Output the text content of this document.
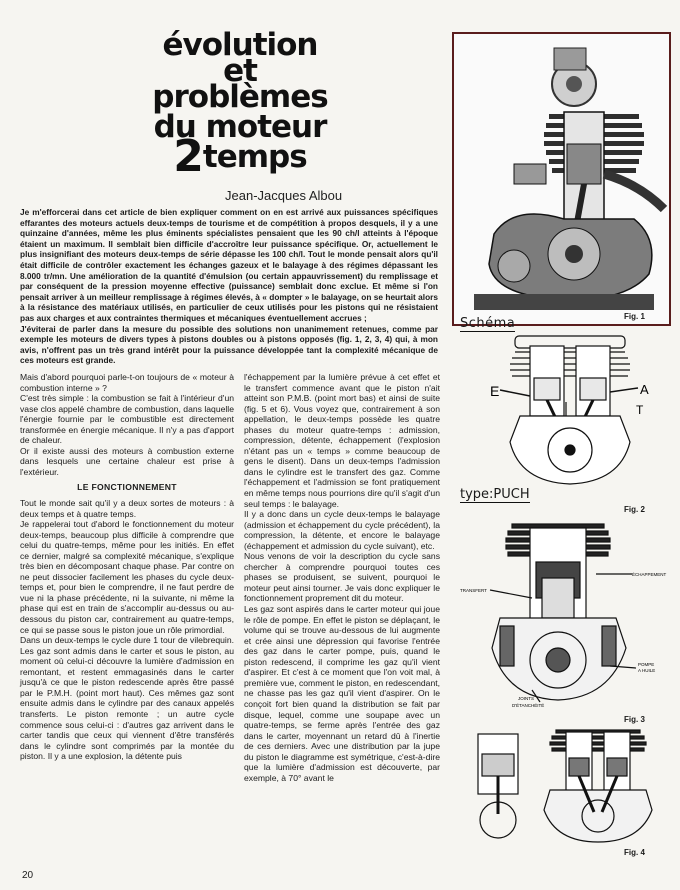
évolution
et
problèmes
du moteur
2temps
Jean-Jacques Albou

Je m'efforcerai dans cet article de bien expliquer comment on en est arrivé aux puissances spécifiques effarantes des moteurs actuels deux-temps de tourisme et de compétition à propos desquels, il y a une quinzaine d'années, même les plus éminents spécialistes pensaient que les 90 ch/l atteints à l'époque étaient un maximum. Il semblait bien difficile d'accroître leur puissance spécifique. Or, actuellement le plus insignifiant des moteurs deux-temps de série dépasse les 100 ch/l. Tout le monde pensait alors qu'il était difficile de contrôler exactement les échanges gazeux et le balayage à des régimes dépassant les 8.000 tr/mn. Une amélioration de la quantité d'émulsion (ou certain appauvrissement) du remplissage et par conséquent de la pression moyenne effective (puissance) semblait donc exclue. Et même si l'on pensait arriver à un meilleur remplissage à régimes élevés, à « dompter » le balayage, on se heurtait alors à la résistance des matériaux utilisés, en particulier de ceux utilisés pour les pistons qui ne résistaient pas aux charges et aux contraintes thermiques et mécaniques éventuellement accrues ;

J'éviterai de parler dans la mesure du possible des solutions non unanimement retenues, comme par exemple les moteurs de divers types à pistons doubles ou à pistons opposés (fig. 1, 2, 3, 4) qui, à mon avis, n'offrent pas un très grand intérêt pour la puissance développée tant la complexité mécanique de ces moteurs est grande.

Mais d'abord pourquoi parle-t-on toujours de « moteur à combustion interne » ?

C'est très simple : la combustion se fait à l'intérieur d'un vase clos appelé chambre de combustion, dans laquelle l'énergie fournie par le combustible est directement transformée en énergie mécanique. Il n'y a pas d'apport de chaleur.

Or il existe aussi des moteurs à combustion externe dans lesquels une certaine chaleur est prise à l'extérieur.

LE FONCTIONNEMENT

Tout le monde sait qu'il y a deux sortes de moteurs : à deux temps et à quatre temps.

Je rappelerai tout d'abord le fonctionnement du moteur deux-temps, beaucoup plus difficile à comprendre que celui du quatre-temps, même pour les initiés. En effet ce dernier, malgré sa complexité mécanique, s'explique très bien en décomposant chaque phase. Par contre on ne peut dissocier facilement les phases du cycle deux-temps et, pour bien le comprendre, il ne faut perdre de vue ni la phase précédente, ni la suivante, ni même la phase qui est en train de s'accomplir au-dessus ou au-dessous du piston car, contrairement au quatre-temps, ce qui se passe sous le piston joue un rôle primordial.

Dans un deux-temps le cycle dure 1 tour de vilebrequin. Les gaz sont admis dans le carter et sous le piston, au moment où celui-ci découvre la lumière d'admission en remontant, et restent emmagasinés dans le carter jusqu'à ce que le piston redescende après être passé par le P.M.H. (point mort haut). Ces mêmes gaz sont ensuite admis dans le cylindre par des canaux appelés transferts. Le piston remonte ; un autre cycle commence sous celui-ci : d'autres gaz arrivent dans le carter tandis que ceux qui viennent d'être transférés dans le cylindre sont comprimés par la montée du piston. Il y a une explosion, la détente puis

l'échappement par la lumière prévue à cet effet et le transfert commence avant que le piston n'ait atteint son P.M.B. (point mort bas) et ainsi de suite (fig. 5 et 6). Vous voyez que, contrairement à son appellation, le deux-temps possède les quatre phases du moteur quatre-temps : admission, compression, détente, échappement (l'explosion n'étant pas un « temps » comme beaucoup de gens le disent). Dans un deux-temps l'admission dans le cylindre est le transfert des gaz. Comme l'échappement et l'admission se font pratiquement en même temps nous pourrions dire qu'il s'agit d'un seul temps : le balayage.

Il y a donc dans un cycle deux-temps le balayage (admission et échappement du cycle précédent), la compression, la détente, et encore le balayage (échappement et admission du cycle suivant), etc.

Nous venons de voir la description du cycle sans chercher à comprendre pourquoi toutes ces phases se produisent, se suivent, pourquoi le moteur peut ainsi tourner. Je vais donc expliquer le fonctionnement proprement dit du moteur.

Les gaz sont aspirés dans le carter moteur qui joue le rôle de pompe. En effet le piston se déplaçant, le volume qui se trouve au-dessous de lui augmente et crée ainsi une dépression qui favorise l'entrée des gaz dans le carter pompe, puis, quand le piston redescend, il comprime les gaz qu'il vient d'aspirer. Et c'est à ce moment que l'on voit mal, à première vue, comment le piston, en redescendant, ne chasse pas les gaz qu'il vient d'aspirer. On le conçoit fort bien quand la distribution se fait par disque, lequel, comme une soupape avec un quatre-temps, se ferme après l'entrée des gaz dans le carter, moyennant un retard dû à l'inertie de ces derniers. Avec une distribution par la jupe du piston le diagramme est symétrique, c'est-à-dire que la lumière d'admission est découverte, par exemple, à 70° avant le

Fig. 1
Schéma
E	A
T
type:PUCH
Fig. 2
ÉCHAPPEMENT
TRANSFERT
POMPE
A HUILE
JOINTS
D'ÉTANCHÉITÉ
Fig. 3
Fig. 4
20
